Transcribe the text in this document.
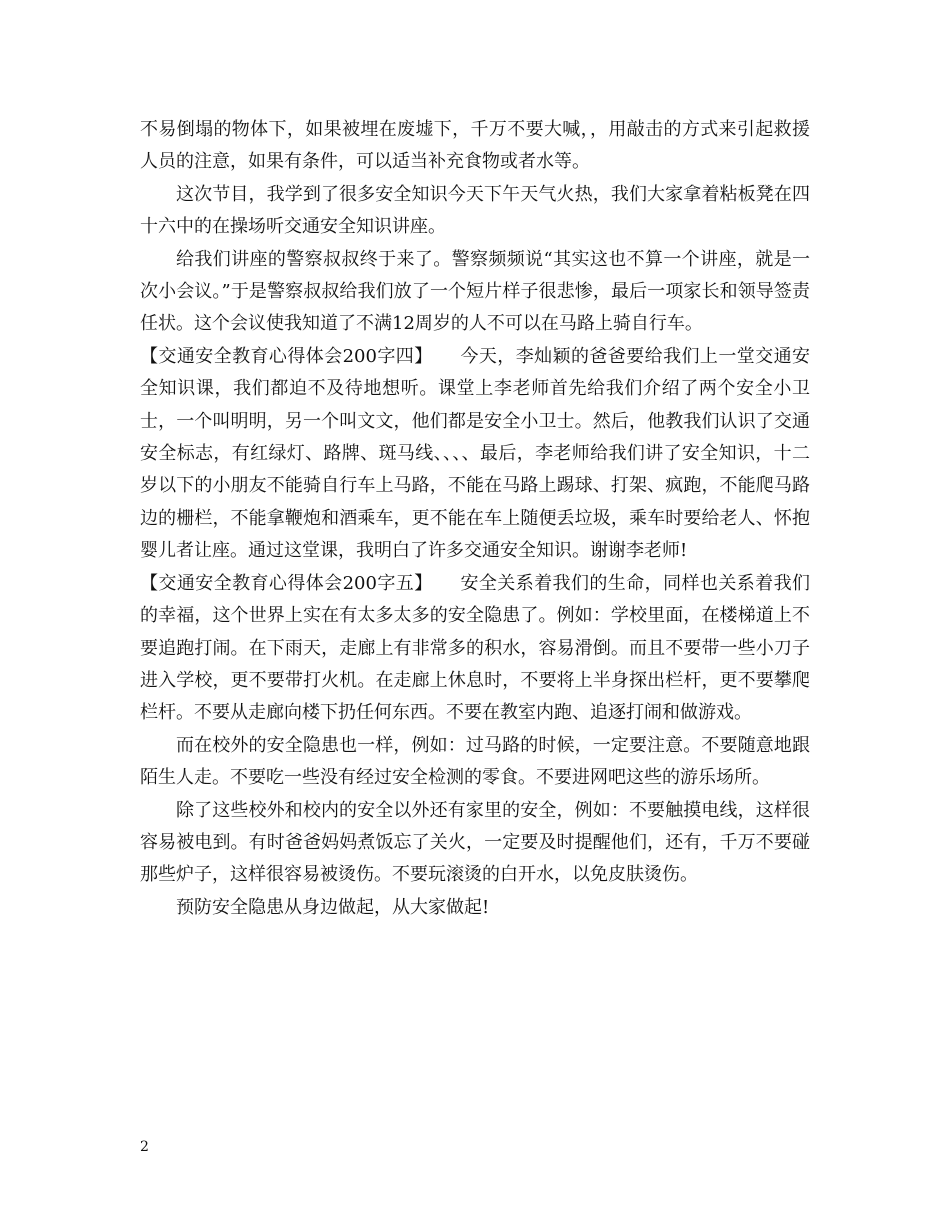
不易倒塌的物体下，如果被埋在废墟下，千万不要大喊，，用敲击的方式来引起救援人员的注意，如果有条件，可以适当补充食物或者水等。

这次节目，我学到了很多安全知识今天下午天气火热，我们大家拿着粘板凳在四十六中的在操场听交通安全知识讲座。

给我们讲座的警察叔叔终于来了。警察频频说“其实这也不算一个讲座，就是一次小会议。”于是警察叔叔给我们放了一个短片样子很悲惨，最后一项家长和领导签责任状。这个会议使我知道了不满12周岁的人不可以在马路上骑自行车。

【交通安全教育心得体会200字四】　　今天，李灿颖的爸爸要给我们上一堂交通安全知识课，我们都迫不及待地想听。课堂上李老师首先给我们介绍了两个安全小卫士，一个叫明明，另一个叫文文，他们都是安全小卫士。然后，他教我们认识了交通安全标志，有红绿灯、路牌、斑马线、、、、最后，李老师给我们讲了安全知识，十二岁以下的小朋友不能骑自行车上马路，不能在马路上踢球、打架、疯跑，不能爬马路边的栅栏，不能拿鞭炮和酒乘车，更不能在车上随便丢垃圾，乘车时要给老人、怀抱婴儿者让座。通过这堂课，我明白了许多交通安全知识。谢谢李老师!

【交通安全教育心得体会200字五】　　安全关系着我们的生命，同样也关系着我们的幸福，这个世界上实在有太多太多的安全隐患了。例如：学校里面，在楼梯道上不要追跑打闹。在下雨天，走廊上有非常多的积水，容易滑倒。而且不要带一些小刀子进入学校，更不要带打火机。在走廊上休息时，不要将上半身探出栏杆，更不要攀爬栏杆。不要从走廊向楼下扔任何东西。不要在教室内跑、追逐打闹和做游戏。

而在校外的安全隐患也一样，例如：过马路的时候，一定要注意。不要随意地跟陌生人走。不要吃一些没有经过安全检测的零食。不要进网吧这些的游乐场所。

除了这些校外和校内的安全以外还有家里的安全，例如：不要触摸电线，这样很容易被电到。有时爸爸妈妈煮饭忘了关火，一定要及时提醒他们，还有，千万不要碰那些炉子，这样很容易被烫伤。不要玩滚烫的白开水，以免皮肤烫伤。

预防安全隐患从身边做起，从大家做起!

2
